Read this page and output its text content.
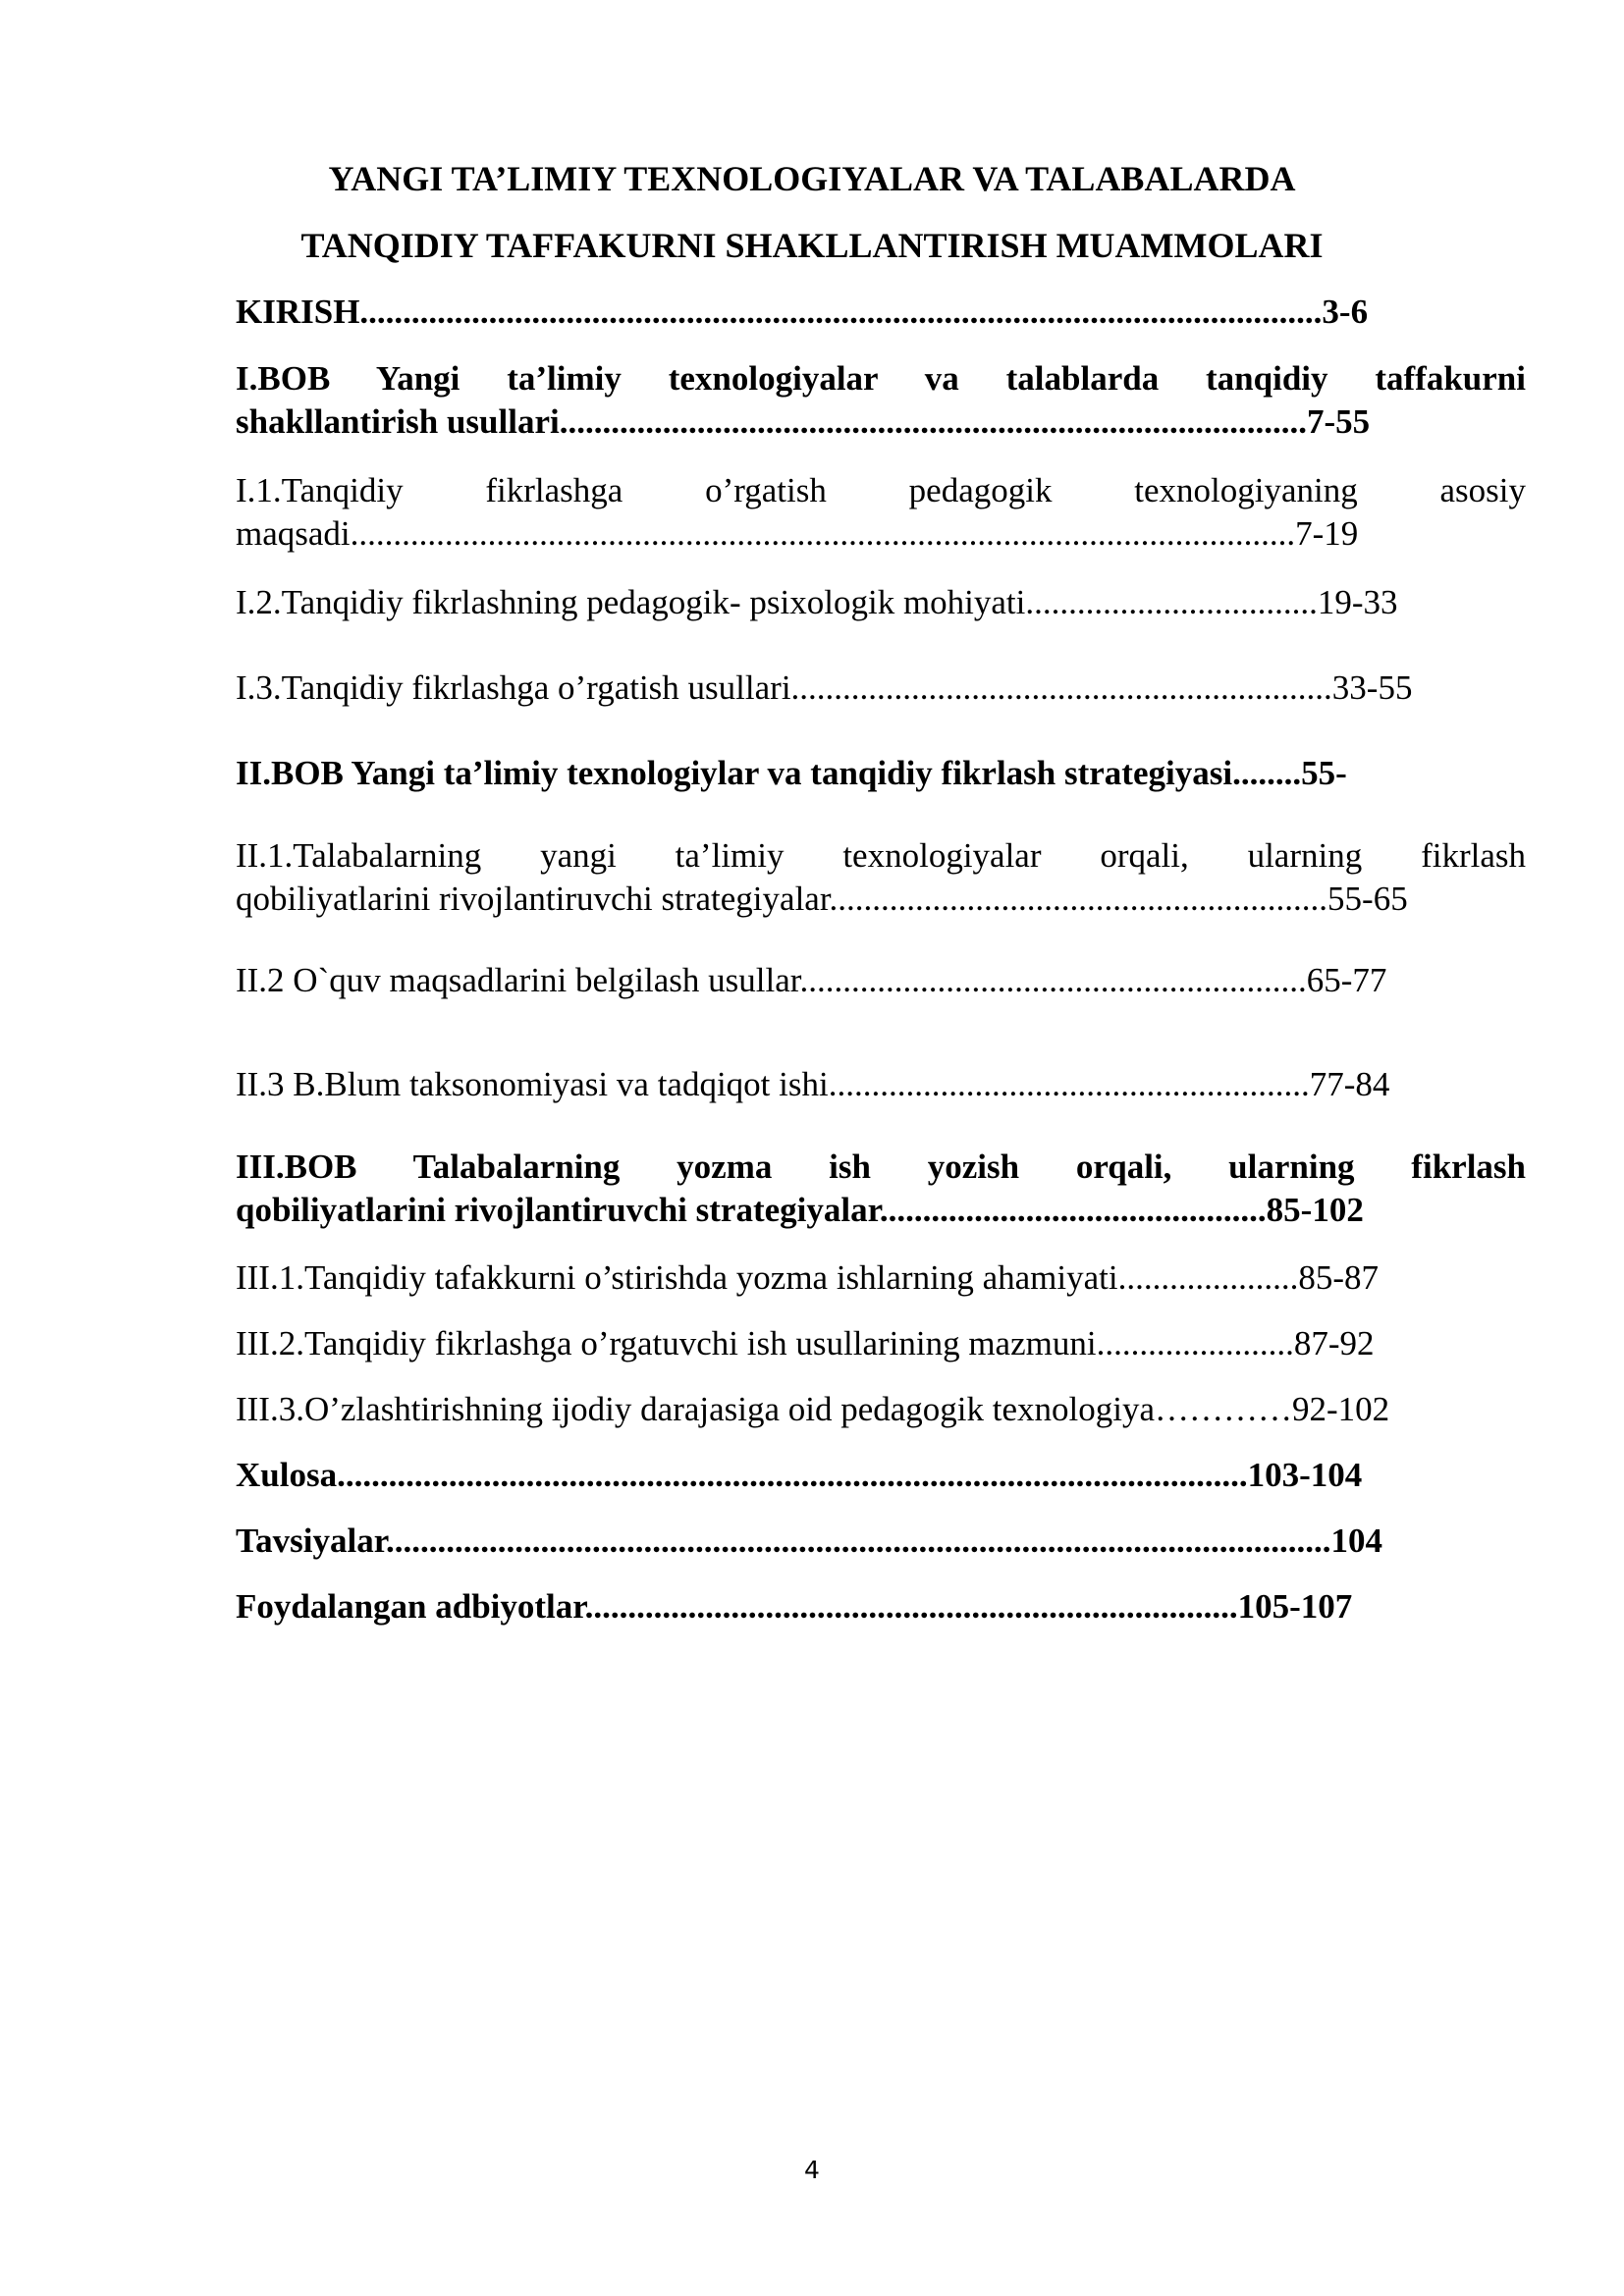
YANGI TA’LIMIY TEXNOLOGIYALAR VA TALABALARDA
TANQIDIY TAFFAKURNI SHAKLLANTIRISH MUAMMOLARI
KIRISH................................................................................................................3-6
I.BOB Yangi ta’limiy texnologiyalar va talablarda tanqidiy taffakurni
shakllantirish usullari.......................................................................................7-55
I.1.Tanqidiy fikrlashga o’rgatish pedagogik texnologiyaning asosiy
maqsadi..............................................................................................................7-19
I.2.Tanqidiy fikrlashning pedagogik- psixologik mohiyati..................................19-33
I.3.Tanqidiy fikrlashga o’rgatish usullari...............................................................33-55
II.BOB Yangi ta’limiy texnologiylar va tanqidiy fikrlash strategiyasi........55-
II.1.Talabalarning yangi ta’limiy texnologiyalar orqali, ularning fikrlash
qobiliyatlarini rivojlantiruvchi strategiyalar..........................................................55-65
II.2 O`quv maqsadlarini belgilash usullar...........................................................65-77
II.3 B.Blum taksonomiyasi va tadqiqot ishi........................................................77-84
III.BOB Talabalarning yozma ish yozish orqali, ularning fikrlash
qobiliyatlarini rivojlantiruvchi strategiyalar.............................................85-102
III.1.Tanqidiy tafakkurni o’stirishda yozma ishlarning ahamiyati.....................85-87
III.2.Tanqidiy fikrlashga o’rgatuvchi ish usullarining mazmuni.......................87-92
III.3.O’zlashtirishning ijodiy darajasiga oid pedagogik texnologiya…………92-102
Xulosa..........................................................................................................103-104
Tavsiyalar..............................................................................................................104
Foydalangan adbiyotlar............................................................................105-107
4
